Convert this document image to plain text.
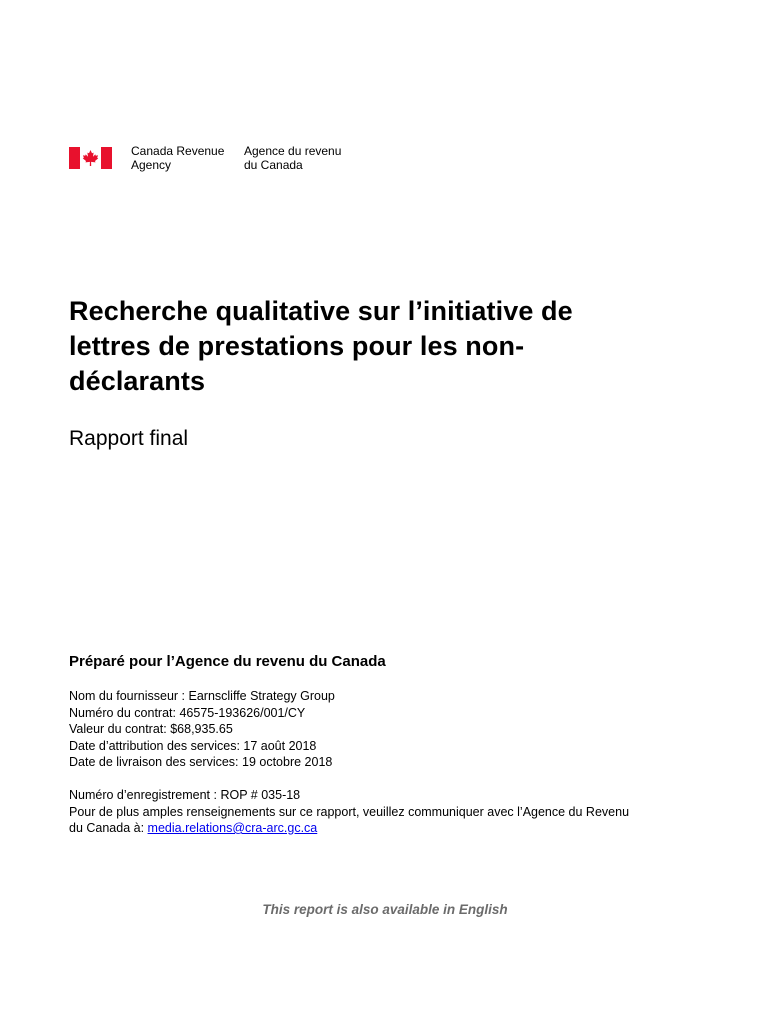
Canada Revenue
Agency
Agence du revenu
du Canada
Recherche qualitative sur l’initiative de
lettres de prestations pour les non-
déclarants
Rapport final
Préparé pour l’Agence du revenu du Canada
Nom du fournisseur : Earnscliffe Strategy Group
Numéro du contrat: 46575-193626/001/CY
Valeur du contrat: $68,935.65
Date d’attribution des services: 17 août 2018
Date de livraison des services: 19 octobre 2018
Numéro d’enregistrement : ROP # 035-18
Pour de plus amples renseignements sur ce rapport, veuillez communiquer avec l’Agence du Revenu
du Canada à: media.relations@cra-arc.gc.ca
This report is also available in English
